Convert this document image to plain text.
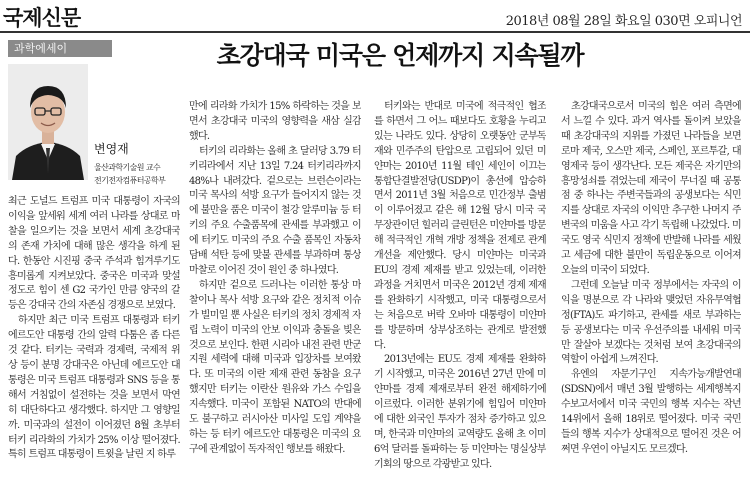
국제신문	2018년 08월 28일 화요일 030면 오피니언
과학에세이	초강대국 미국은 언제까지 지속될까
변영재
울산과학기술원 교수
전기전자컴퓨터공학부

최근 도널드 트럼프 미국 대통령이 자국의 이익을 앞세워 세계 여러 나라를 상대로 마찰을 일으키는 것을 보면서 세계 초강대국의 존재 가치에 대해 많은 생각을 하게 된다. 한동안 시진핑 중국 주석과 힘겨루기도 흥미롭게 지켜보았다. 중국은 미국과 맞설 정도로 힘이 센 G2 국가인 만큼 양국의 갈등은 강대국 간의 자존심 경쟁으로 보였다.

하지만 최근 미국 트럼프 대통령과 터키 에르도안 대통령 간의 알력 다툼은 좀 다른 것 같다. 터키는 국력과 경제력, 국제적 위상 등이 분명 강대국은 아닌데 에르도안 대통령은 미국 트럼프 대통령과 SNS 등을 통해서 거침없이 설전하는 것을 보면서 막연히 대단하다고 생각했다. 하지만 그 영향일까. 미국과의 설전이 이어졌던 8월 초부터 터키 리라화의 가치가 25% 이상 떨어졌다. 특히 트럼프 대통령이 트윗을 날린 지 하루

만에 리라화 가치가 15% 하락하는 것을 보면서 초강대국 미국의 영향력을 새삼 실감했다.

터키의 리라화는 올해 초 달러당 3.79 터키리라에서 지난 13일 7.24 터키리라까지 48%나 내려갔다. 겉으로는 브런슨이라는 미국 목사의 석방 요구가 들어지지 않는 것에 불만을 품은 미국이 철강 알루미늄 등 터키의 주요 수출품목에 관세를 부과했고 이에 터키도 미국의 주요 수출 품목인 자동차 담배 석탄 등에 맞불 관세를 부과하며 통상 마찰로 이어진 것이 원인 중 하나였다.

하지만 겉으로 드러나는 이러한 통상 마찰이나 목사 석방 요구와 같은 정치적 이슈가 빌미일 뿐 사실은 터키의 정치 경제적 자립 노력이 미국의 안보 이익과 충돌을 빚은 것으로 보인다. 한편 시리아 내전 관련 반군 지원 세력에 대해 미국과 입장차를 보여왔다. 또 미국의 이란 제재 관련 동참을 요구했지만 터키는 이란산 원유와 가스 수입을 지속했다. 미국이 포함된 NATO의 반대에도 불구하고 러시아산 미사일 도입 계약을 하는 등 터키 에르도안 대통령은 미국의 요구에 관계없이 독자적인 행보를 해왔다.

터키와는 반대로 미국에 적극적인 협조를 하면서 그 어느 때보다도 호황을 누리고 있는 나라도 있다. 상당히 오랫동안 군부독재와 민주주의 탄압으로 고립되어 있던 미얀마는 2010년 11월 테인 세인이 이끄는 통합단결발전당(USDP)이 총선에 압승하면서 2011년 3월 처음으로 민간정부 출범이 이루어졌고 같은 해 12월 당시 미국 국무장관이던 힐러리 클린턴은 미얀마를 방문해 적극적인 개혁 개방 정책을 전제로 관계 개선을 제안했다. 당시 미얀마는 미국과 EU의 경제 제재를 받고 있었는데, 이러한 과정을 거치면서 미국은 2012년 경제 제재를 완화하기 시작했고, 미국 대통령으로서는 처음으로 버락 오바마 대통령이 미얀마를 방문하며 상부상조하는 관계로 발전했다.

2013년에는 EU도 경제 제재를 완화하기 시작했고, 미국은 2016년 27년 만에 미얀마를 경제 제재로부터 완전 해제하기에 이르렀다. 이러한 분위기에 힘입어 미얀마에 대한 외국인 투자가 점차 증가하고 있으며, 한국과 미얀마의 교역량도 올해 초 이미 6억 달러를 돌파하는 등 미얀마는 명실상부 기회의 땅으로 각광받고 있다.

초강대국으로서 미국의 힘은 여러 측면에서 느낄 수 있다. 과거 역사를 돌이켜 보았을 때 초강대국의 지위를 가졌던 나라들을 보면 로마 제국, 오스만 제국, 스페인, 포르투갈, 대영제국 등이 생각난다. 모든 제국은 자기만의 흥망성쇠를 겪었는데 제국이 무너질 때 공통점 중 하나는 주변국들과의 공생보다는 식민지를 상대로 자국의 이익만 추구한 나머지 주변국의 미움을 사고 각기 독립해 나갔었다. 미국도 영국 식민지 정책에 반발해 나라를 세웠고 세금에 대한 불만이 독립운동으로 이어져 오늘의 미국이 되었다.

그런데 오늘날 미국 정부에서는 자국의 이익을 명분으로 각 나라와 맺었던 자유무역협정(FTA)도 파기하고, 관세를 새로 부과하는 등 공생보다는 미국 우선주의를 내세워 미국만 잘살아 보겠다는 것처럼 보여 초강대국의 역할이 아쉽게 느껴진다.

유엔의 자문기구인 지속가능개발연대(SDSN)에서 매년 3월 발행하는 세계행복지수보고서에서 미국 국민의 행복 지수는 작년 14위에서 올해 18위로 떨어졌다. 미국 국민들의 행복 지수가 상대적으로 떨어진 것은 어쩌면 우연이 아닐지도 모르겠다.
